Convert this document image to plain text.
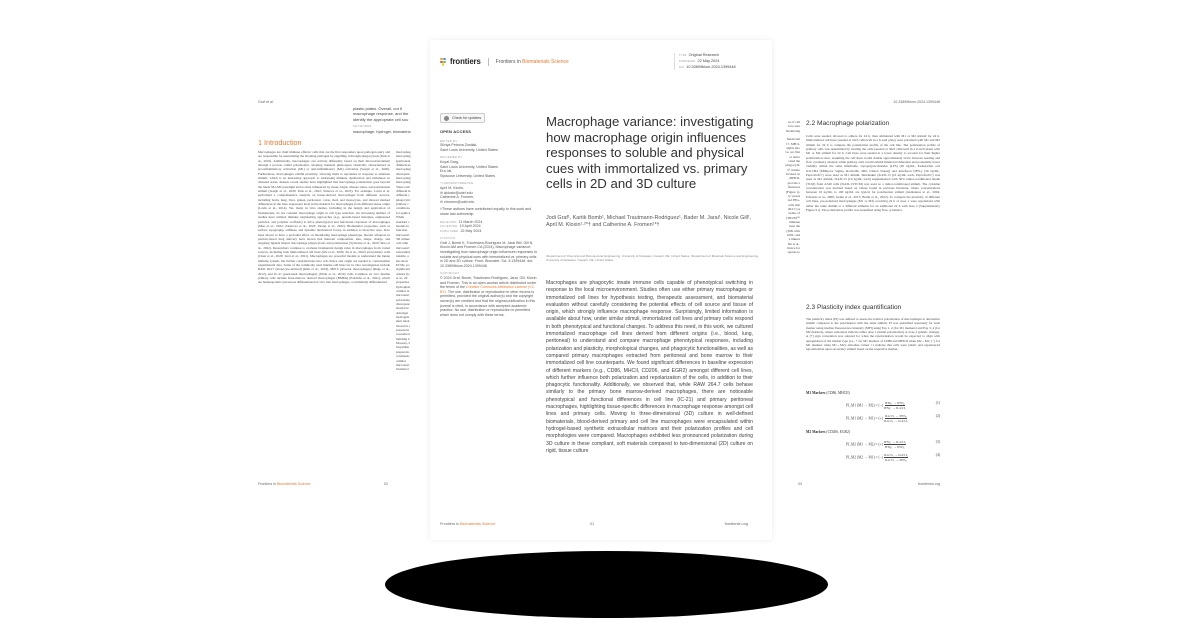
Graf et al.
plastic plates. Overall, our fi
macrophage response, and the
identify the appropriate cell sou
KEYWORDS
macrophage, hydrogel, biomateria
1 Introduction
Macrophages are chief immune effector cells that are the first responders upon pathogen entry and are responsible for neutralizing the invading pathogen by engulfing it through phagocytosis (Park et al., 2022). Additionally, macrophages can activate differently based on their microenvironment through a process called polarization, adopting transient phenotypes classically characterized as pro-inflammatory activation (M1) or anti-inflammatory (M2) activation (Sreejit et al., 2020). Furthermore, macrophages exhibit plasticity, allowing them to repolarize in response to alternate stimuli, which is an interesting approach to addressing immune dysfunction and imbalance in diseased states. Indeed, recent studies have highlighted that macrophage polarization goes beyond the linear M1-M2 paradigm and is often influenced by tissue origin, disease states, and polarization stimuli (Sreejit et al., 2020; Park et al., 2022; Strizova et al., 2023). For example, Lavin et al. performed a comprehensive analysis on tissue-derived macrophages from different sources, including brain, lung, liver, spleen, peritoneal, colon, ileal, and monocytes, and showed marked differences in the base expression level in the markers for macrophages from different tissue origin (Lavin et al., 2014). Yet, many in vitro studies, including in the design and application of biomaterials, do not consider macrophage origin in cell type selection. An increasing number of studies have utilized immune engineering approaches (e.g., protein-based therapies, engineered particles, and polymer scaffolds) to drive phenotypical and functional responses of macrophages (Mao et al., 2022; Zarubova et al., 2023; Zhong et al., 2022). Biomaterial properties, such as surface topography, stiffness, and dynamic mechanical forces, in addition to bioactive cues, have been shown to have a profound effect on modulating macrophage phenotype. Recent advances in particle-based drug delivery have shown that material composition, size, shape, charge, and targeting ligands impact macrophage phagocytosis and polarization (Sylvestre et al., 2020; Mao et al., 2022). Researchers continue to evaluate biomaterial design rules in macrophages from varied sources, including both immortalized cell lines (Wu et al., 2020; Tu et al., 2022) and primary cells (Chen et al., 2020; Jarai et al., 2021). Macrophages are powerful models to understand the innate immune system, but further considerations into cell choice and origin are needed to contextualize experimental data. Some of the commonly used murine cell lines for in vitro investigation include RAW 264.7 (monocyte-derived) (Kim et al., 2019), MH-S (alveolar macrophages) (Ruge et al., 2012), and IC-21 (peritoneal macrophages) (Ullah et al., 2019) cells. Common ex vivo murine primary cells include bone-marrow derived macrophages (BMMs) (Palombo et al., 2021), which are hematopoietic precursors differentiated ex vivo into macrophages, or terminally differentiated
macrophag
macrophag
(peritoneal
differences
macrophag
discrepanc
macrophag
macrophag
There rem
different le
different c
phagocytic
primary c
conditions
for applica
While
standard c
models fo
function.
microenvi
3D culture
cell cultu
microenvi
extracellul
tunable, a
has show
ECMs, po
significant
culture (G
et al., 20
properties
hydrophob
cellular re
microenvi
polarizatio
discrepanc
should be
Amongst
hydrogels
their tunal
bioactive l
present hi
concentrat
building b
Mooney, 2
biopríntin
preparatio
consistenc
cellular
microenvi
biomateri
Frontiers in Biomaterials Science	02
10.3389/fbiom.2024.1399448
es of cell
face area
bucklering

functional
17, MH-S,
sights into
ve, we first
or naive
cated the
phagocytic
3° culture
focused on
, MHCII,
provide a
fferences
(Figure 1),
ty versus
ted PEG-
cells that
264.7) as
tudies of
(TRUM™
immune
here the
(3Ms with
GER, and
e linkers
Du et al.,
choice for
sponse to
2.2 Macrophage polarization
Cells were seeded, allowed to adhere for 24 h, then stimulated with M1 or M2 stimuli for 24 h. Immortalized cell lines (seeded at 10e5 cells/well in a 6-well plate) were polarized with M1 and M2 stimuli for 24 h to compare the polarization profile of the cell line. The polarization profile of primary cells was determined by treating the cells (seeded at 50e5 cells/well in a 6-well plate) with M1 or M2 stimuli for 24 h. Cell lines were seeded at a lower density to account for their higher proliferation rates, assuming the cell lines would double approximately twice between seeding and flow cytometry analysis while primary cells would exhibit limited proliferation and potentially lower viability within the same timeframe. Lipopolysaccharides (LPS) (20 ng/mL, Escherichia coli O111:B4 (Millipore Sigma, Rockville, MD, United States)) and interferon (IFN-γ (20 ng/mL, PeproTech®) were used as M1 stimuli. Interleukin (IL4/IL13 (10 ng/mL each, PeproTech®) was used as M2 stimuli. IL4/IL13 (10 ng/mL each) supplemented with 50% tumor-conditioned media (TCM) from A549 cells (IL4/IL13/TCM) was used as a tumor-conditioned stimuli. The cytokine concentration was decided based on values found in previous literature, where concentrations between 10 ng/mL to 100 ng/mL are typical for polarization stimuli (Andreakos et al., 2004; Edwards et al., 2006; Genin et al., 2015; Bomb et al., 2022). To compare the plasticity of different cell lines, pre-polarized macrophages (M1 or M2) receiving 24 h of dose 1 were repolarized with either the same stimuli or a different stimulus for an additional 24 h with dose 2 (Supplementary Figure S1). The polarization profile was quantified using flow cytometry.
2.3 Plasticity index quantification
The plasticity index (PI) was defined to assess the relative polarization of macrophages to alternative stimuli compared to the polarization with the same stimuli. PI was quantified separately for each marker using median fluorescence intensity (MFI) using Eqs 1, 2 (for M1 markers) and Eqs 3, 4 (for M2 markers), where subscripts indicate either dose 1 (initial polarization) or dose 2 (plastic change). A (+) sign convention was adopted for when the repolarization would be expected to align with upregulation of the marker type (i.e., + for M1 markers of CD86 and MHCII when M2→M1; (−) for M1 markers when M1→M2). Absolute values >1 indicate that cells were plastic and experienced repolarization upon secondary stimuli based on the respective marker.
M1 Markers (CD86, MHCII)
PI_M1 (M1 → M2) = (−) $\frac{\text{IFNγ₁ → IFNγ₂}}{\text{IFNγ₁ → IL4/13₂}}$	(1)
PI_M1 (M2 → M1) = (+) $\frac{\text{IL4/13₁ → IFNγ₂}}{\text{IL4/13₁ → IL4/13₂}}$	(2)
M2 Markers (CD206, EGR2)
PI_M2 (M1 → M2) = (+) $\frac{\text{IFNγ₁ → IL4/13₂}}{\text{IFNγ₁ → IFNγ₂}}$	(3)
PI_M2 (M2 → M1) = (−) $\frac{\text{IL4/13₁ → IL4/13₂}}{\text{IL4/13₁ → IFNγ₂}}$	(4)
03	frontiersin.org
frontiers	Frontiers in Biomaterials Science
TYPE Original Research
PUBLISHED 22 May 2024
DOI 10.3389/fbiom.2024.1399448
Check for updates
OPEN ACCESS
EDITED BY
Silviya Petrova Zustiak,
Saint Louis University, United States
REVIEWED BY
Koyal Garg,
Saint Louis University, United States
Era Jai,
Syracuse University, United States
*CORRESPONDENCE
April M. Kloxin,
✉ akloxin@udel.edu
Catherine A. Fromen,
✉ cfromen@udel.edu
†These authors have contributed equally to this work and share last authorship
RECEIVED 11 March 2024
ACCEPTED 19 April 2024
PUBLISHED 22 May 2024
CITATION
Graf J, Bomb K, Trautmann-Rodriguez M, Jarai BM, Gill N, Kloxin AM and Fromen CA (2024), Macrophage variance: investigating how macrophage origin influences responses to soluble and physical cues with immortalized vs. primary cells in 2D and 3D culture. Front. Biomater. Sci. 3:1399448. doi: 10.3389/fbiom.2024.1399448
COPYRIGHT
© 2024 Graf, Bomb, Trautmann-Rodriguez, Jarai, Gill, Kloxin and Fromen. This is an open-access article distributed under the terms of the Creative Commons Attribution License (CC BY). The use, distribution or reproduction in other forums is permitted, provided the original author(s) and the copyright owner(s) are credited and that the original publication in this journal is cited, in accordance with accepted academic practice. No use, distribution or reproduction is permitted which does not comply with these terms.
Macrophage variance: investigating how macrophage origin influences responses to soluble and physical cues with immortalized vs. primary cells in 2D and 3D culture
Jodi Graf¹, Kartik Bomb¹, Michael Trautmann-Rodriguez¹, Bader M. Jarai¹, Nicole Gill¹, April M. Kloxin¹·²*† and Catherine A. Fromen¹*†
¹Department of Chemical and Biomolecular Engineering, University of Delaware, Newark, DE, United States, ²Department of Materials Science and Engineering, University of Delaware, Newark, DE, United States
Macrophages are phagocytic innate immune cells capable of phenotypical switching in response to the local microenvironment. Studies often use either primary macrophages or immortalized cell lines for hypothesis testing, therapeutic assessment, and biomaterial evaluation without carefully considering the potential effects of cell source and tissue of origin, which strongly influence macrophage response. Surprisingly, limited information is available about how, under similar stimuli, immortalized cell lines and primary cells respond in both phenotypical and functional changes. To address this need, in this work, we cultured immortalized macrophage cell lines derived from different origins (i.e., blood, lung, peritoneal) to understand and compare macrophage phenotypical responses, including polarization and plasticity, morphological changes, and phagocytic functionalities, as well as compared primary macrophages extracted from peritoneal and bone marrow to their immortalized cell line counterparts. We found significant differences in baseline expression of different markers (e.g., CD86, MHCII, CD206, and EGR2) amongst different cell lines, which further influence both polarization and repolarization of the cells, in addition to their phagocytic functionality. Additionally, we observed that, while RAW 264.7 cells behave similarly to the primary bone marrow-derived macrophages, there are noticeable phenotypical and functional differences in cell line (IC-21) and primary peritoneal macrophages, highlighting tissue-specific differences in macrophage response amongst cell lines and primary cells. Moving to three-dimensional (3D) culture in well-defined biomaterials, blood-derived primary and cell line macrophages were encapsulated within hydrogel-based synthetic extracellular matrices and their polarization profiles and cell morphologies were compared. Macrophages exhibited less pronounced polarization during 3D culture in these compliant, soft materials compared to two-dimensional (2D) culture on rigid, tissue culture
Frontiers in Biomaterials Science	01	frontiersin.org
